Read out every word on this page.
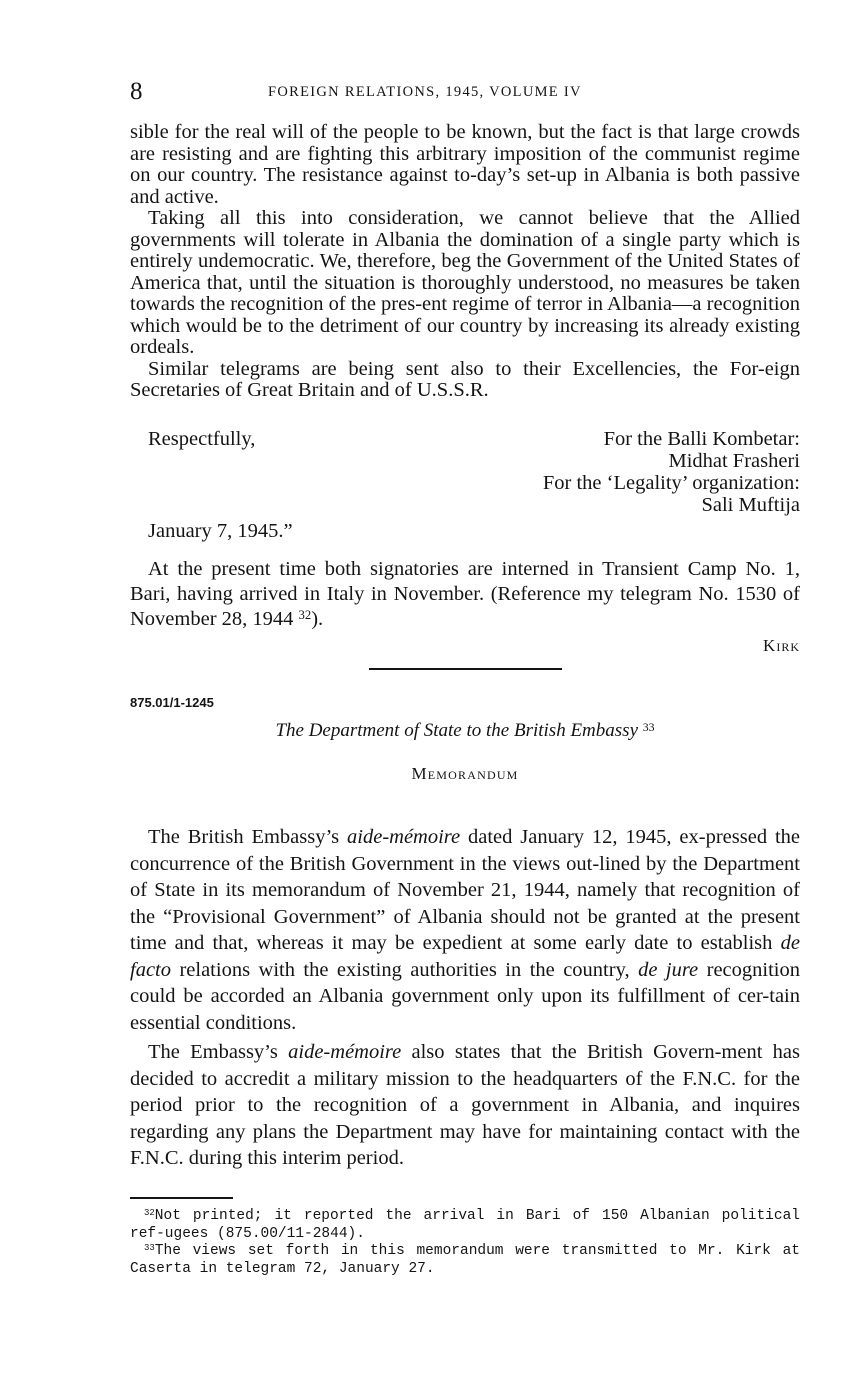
8	FOREIGN RELATIONS, 1945, VOLUME IV

sible for the real will of the people to be known, but the fact is that large crowds are resisting and are fighting this arbitrary imposition of the communist regime on our country. The resistance against to-day’s set-up in Albania is both passive and active.

Taking all this into consideration, we cannot believe that the Allied governments will tolerate in Albania the domination of a single party which is entirely undemocratic. We, therefore, beg the Government of the United States of America that, until the situation is thoroughly understood, no measures be taken towards the recognition of the pres-ent regime of terror in Albania—a recognition which would be to the detriment of our country by increasing its already existing ordeals.

Similar telegrams are being sent also to their Excellencies, the For-eign Secretaries of Great Britain and of U.S.S.R.

Respectfully,	For the Balli Kombetar:
Midhat Frasheri
For the ‘Legality’ organization:
Sali Muftija
January 7, 1945.”

At the present time both signatories are interned in Transient Camp No. 1, Bari, having arrived in Italy in November. (Reference my telegram No. 1530 of November 28, 1944 $^{32}$).

Kirk
875.01/1-1245
The Department of State to the British Embassy $^{33}$
Memorandum

The British Embassy’s aide-mémoire dated January 12, 1945, ex-pressed the concurrence of the British Government in the views out-lined by the Department of State in its memorandum of November 21, 1944, namely that recognition of the “Provisional Government” of Albania should not be granted at the present time and that, whereas it may be expedient at some early date to establish de facto relations with the existing authorities in the country, de jure recognition could be accorded an Albania government only upon its fulfillment of cer-tain essential conditions.

The Embassy’s aide-mémoire also states that the British Govern-ment has decided to accredit a military mission to the headquarters of the F.N.C. for the period prior to the recognition of a government in Albania, and inquires regarding any plans the Department may have for maintaining contact with the F.N.C. during this interim period.

$^{32}$Not printed; it reported the arrival in Bari of 150 Albanian political ref-ugees (875.00/11-2844).

$^{33}$The views set forth in this memorandum were transmitted to Mr. Kirk at Caserta in telegram 72, January 27.
